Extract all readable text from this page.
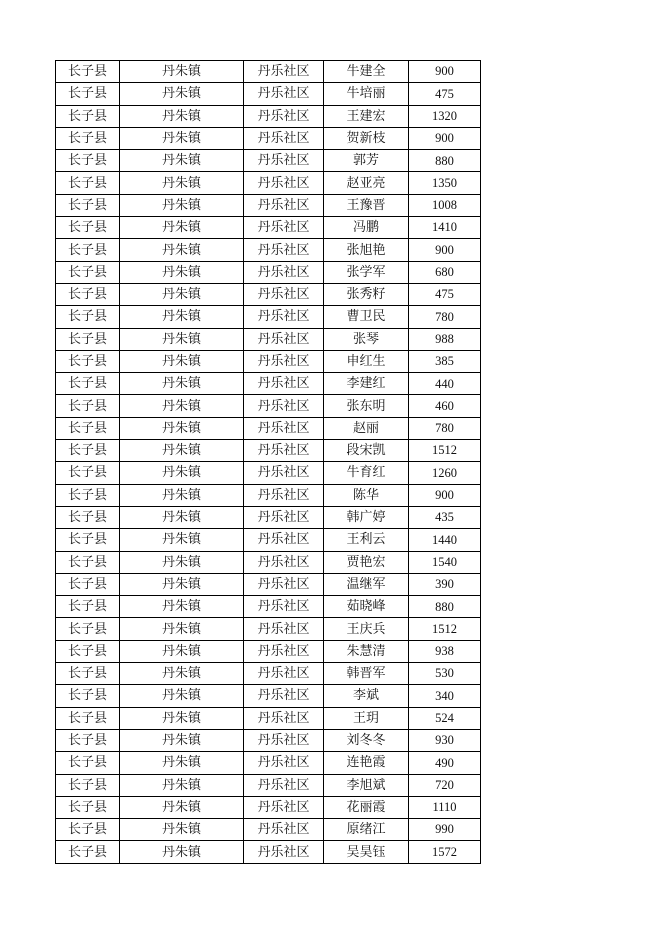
长子县	丹朱镇	丹乐社区	牛建全	900
长子县	丹朱镇	丹乐社区	牛培丽	475
长子县	丹朱镇	丹乐社区	王建宏	1320
长子县	丹朱镇	丹乐社区	贺新枝	900
长子县	丹朱镇	丹乐社区	郭芳	880
长子县	丹朱镇	丹乐社区	赵亚亮	1350
长子县	丹朱镇	丹乐社区	王豫晋	1008
长子县	丹朱镇	丹乐社区	冯鹏	1410
长子县	丹朱镇	丹乐社区	张旭艳	900
长子县	丹朱镇	丹乐社区	张学军	680
长子县	丹朱镇	丹乐社区	张秀籽	475
长子县	丹朱镇	丹乐社区	曹卫民	780
长子县	丹朱镇	丹乐社区	张琴	988
长子县	丹朱镇	丹乐社区	申红生	385
长子县	丹朱镇	丹乐社区	李建红	440
长子县	丹朱镇	丹乐社区	张东明	460
长子县	丹朱镇	丹乐社区	赵丽	780
长子县	丹朱镇	丹乐社区	段宋凯	1512
长子县	丹朱镇	丹乐社区	牛育红	1260
长子县	丹朱镇	丹乐社区	陈华	900
长子县	丹朱镇	丹乐社区	韩广婷	435
长子县	丹朱镇	丹乐社区	王利云	1440
长子县	丹朱镇	丹乐社区	贾艳宏	1540
长子县	丹朱镇	丹乐社区	温继军	390
长子县	丹朱镇	丹乐社区	茹晓峰	880
长子县	丹朱镇	丹乐社区	王庆兵	1512
长子县	丹朱镇	丹乐社区	朱慧清	938
长子县	丹朱镇	丹乐社区	韩晋军	530
长子县	丹朱镇	丹乐社区	李斌	340
长子县	丹朱镇	丹乐社区	王玥	524
长子县	丹朱镇	丹乐社区	刘冬冬	930
长子县	丹朱镇	丹乐社区	连艳霞	490
长子县	丹朱镇	丹乐社区	李旭斌	720
长子县	丹朱镇	丹乐社区	花丽霞	1110
长子县	丹朱镇	丹乐社区	原绪江	990
长子县	丹朱镇	丹乐社区	吴昊钰	1572
